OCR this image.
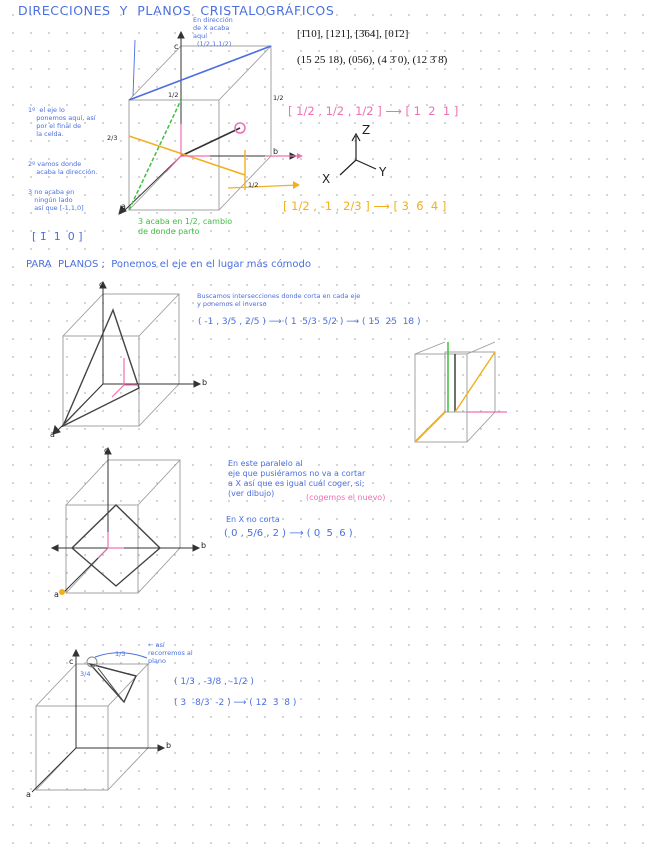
DIRECCIONES  Y  PLANOS  CRISTALOGRÁFICOS
[1̄10], [121], [3̄64], [01̄2]
(15 25 18), (056), (4 3̄ 0), (12 3̄ 8̄)
Z
Y
X
c
b
a
1/2	1/2
2/3
1/2
c
b
a
c
b
a
c
b
a
En dirección
de X acaba
aquí
(1/2,1,1/2)
1º  el eje lo
ponemos aquí, así
por el final de
la celda.
2º vamos donde
acaba la dirección.
3 no acaba en
ningún lado
así que [-1,1,0]
[ 1̄  1  0 ]
3 acaba en 1/2, cambio
de donde parto
[ 1/2 , 1/2 , 1/2 ] ⟶ [ 1  2  1 ]
[ 1/2 , -1 , 2/3 ] ⟶ [ 3  6̄  4 ]
PARA  PLANOS ;  Ponemos el eje en el lugar más cómodo
Buscamos intersecciones donde corta en cada eje
y ponemos el inverso
( -1 , 3/5 , 2/5 ) ⟶ ( 1  5/3  5/2 ) ⟶ ( 15  25  18 )
En este paralelo al
eje que pusiéramos no va a cortar
a X así que es igual cuál coger, si;
(ver dibujo)	(cogemos el nuevo)
En X no corta
( 0 , 5/6 , 2 ) ⟶ ( 0  5  6 )
← así
recorremos al
plano
1/3
3/4
( 1/3 , -3/8 , -1/2 )
( 3  -8/3  -2 ) ⟶ ( 12  3̄  8̄ )
